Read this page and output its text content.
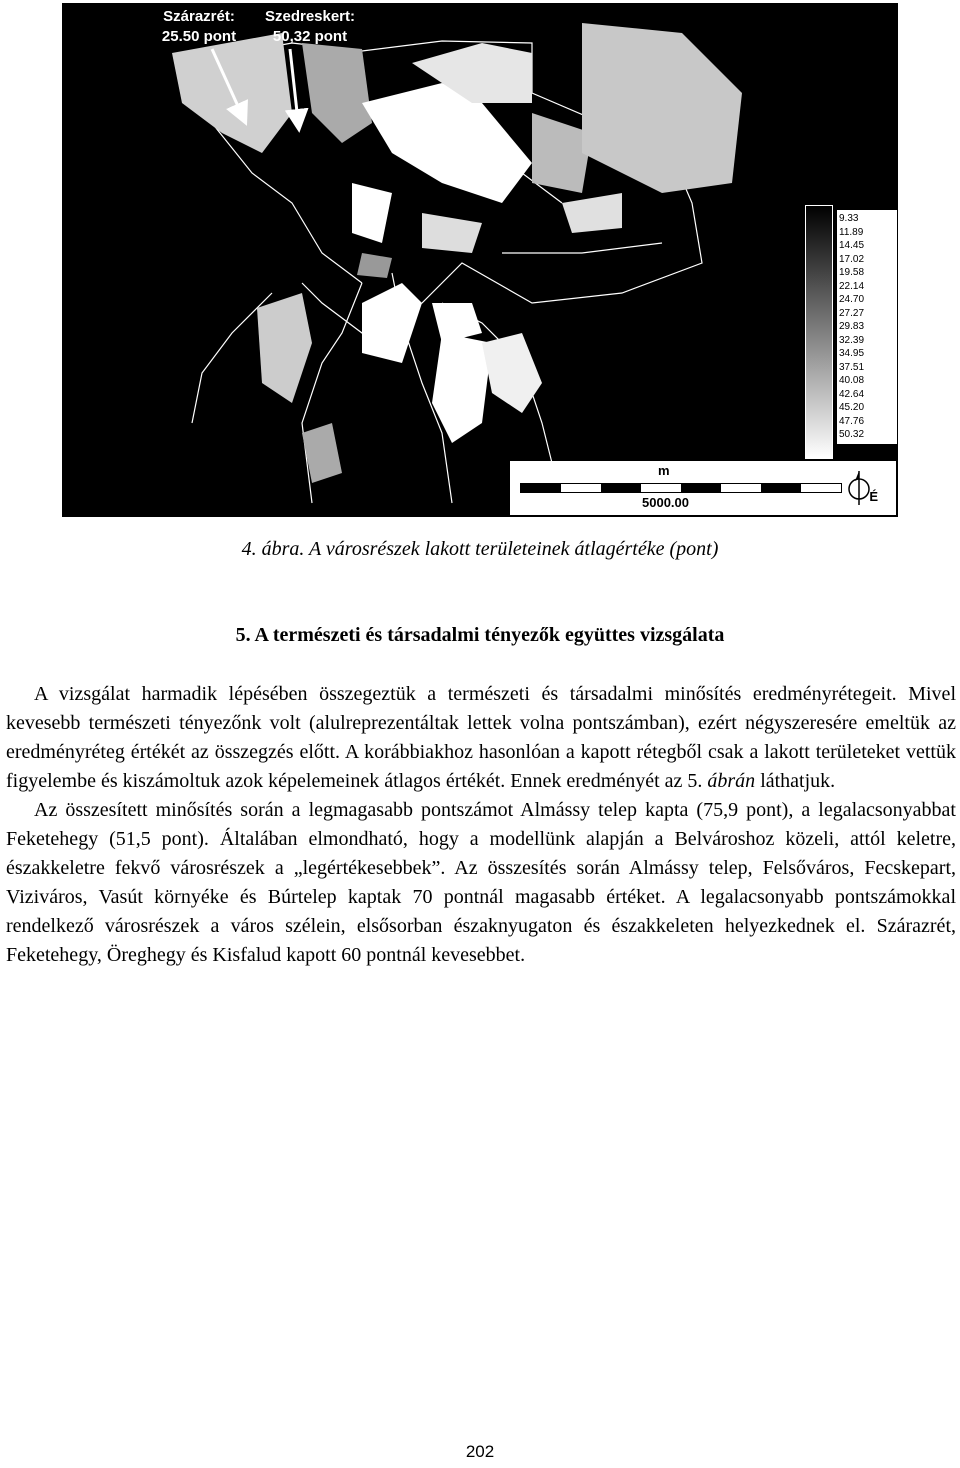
Szárazrét:
25.50 pont
Szedreskert:
50,32 pont
9.33
11.89
14.45
17.02
19.58
22.14
24.70
27.27
29.83
32.39
34.95
37.51
40.08
42.64
45.20
47.76
50.32
m
5000.00	É
4. ábra. A városrészek lakott területeinek átlagértéke (pont)
5. A természeti és társadalmi tényezők együttes vizsgálata

A vizsgálat harmadik lépésében összegeztük a természeti és társadalmi minősítés eredményrétegeit. Mivel kevesebb természeti tényezőnk volt (alulreprezentáltak lettek volna pontszámban), ezért négyszeresére emeltük az eredményréteg értékét az összegzés előtt. A korábbiakhoz hasonlóan a kapott rétegből csak a lakott területeket vettük figyelembe és kiszámoltuk azok képelemeinek átlagos értékét. Ennek eredményét az 5. ábrán láthatjuk.

Az összesített minősítés során a legmagasabb pontszámot Almássy telep kapta (75,9 pont), a legalacsonyabbat Feketehegy (51,5 pont). Általában elmondható, hogy a modellünk alapján a Belvároshoz közeli, attól keletre, északkeletre fekvő városrészek a „legértékesebbek”. Az összesítés során Almássy telep, Felsőváros, Fecskepart, Viziváros, Vasút környéke és Búrtelep kaptak 70 pontnál magasabb értéket. A legalacsonyabb pontszámokkal rendelkező városrészek a város szélein, elsősorban északnyugaton és északkeleten helyezkednek el. Szárazrét, Feketehegy, Öreghegy és Kisfalud kapott 60 pontnál kevesebbet.

202
